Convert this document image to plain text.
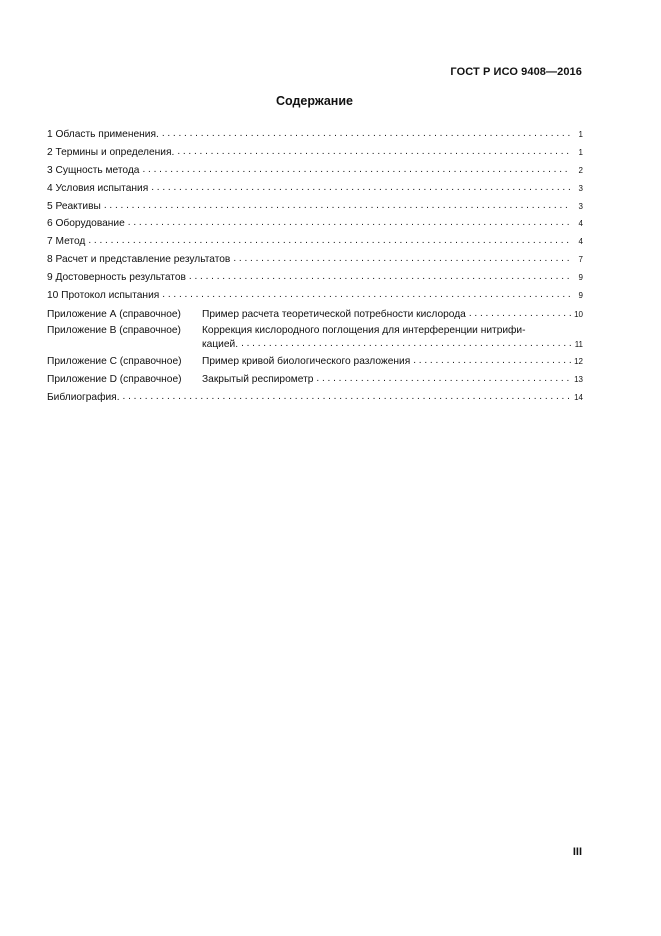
ГОСТ Р ИСО 9408—2016
Содержание
1 Область применения. . . .	1
2 Термины и определения. . . .	1
3 Сущность метода . . .	2
4 Условия испытания . . .	3
5 Реактивы . . .	3
6 Оборудование . . .	4
7 Метод . . .	4
8 Расчет и представление результатов . . .	7
9 Достоверность результатов . . .	9
10 Протокол испытания . . .	9
Приложение А (справочное) Пример расчета теоретической потребности кислорода . . .	10
Приложение В (справочное) Коррекция кислородного поглощения для интерференции нитрифи-
кацией. . . .	11
Приложение С (справочное) Пример кривой биологического разложения . . .	12
Приложение D (справочное) Закрытый респирометр . . .	13
Библиография. . . .	14
III
